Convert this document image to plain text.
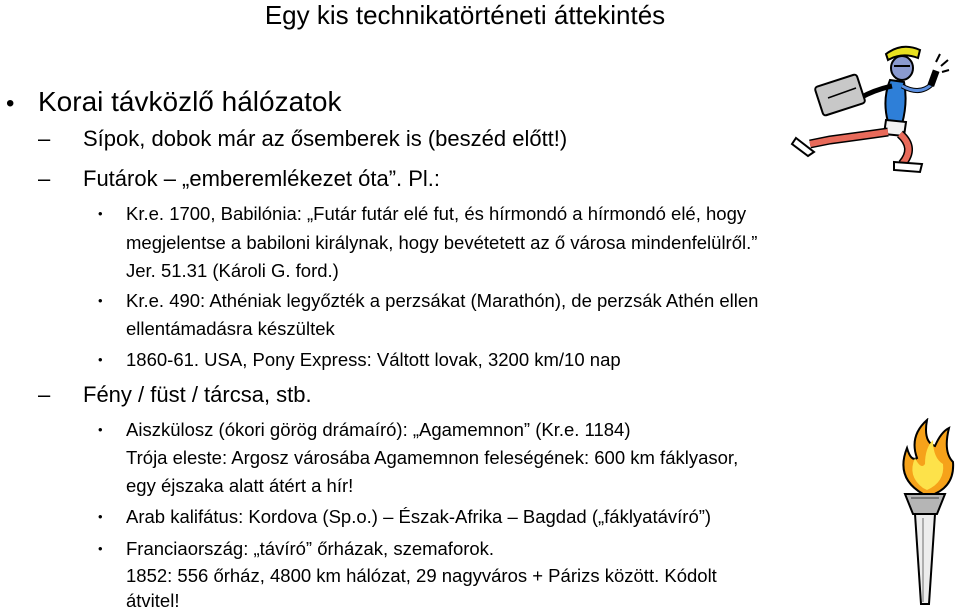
Egy kis technikatörténeti áttekintés
• Korai távközlő hálózatok
– Sípok, dobok már az ősemberek is (beszéd előtt!)
– Futárok – „emberemlékezet óta”. Pl.:
• Kr.e. 1700, Babilónia: „Futár futár elé fut, és hírmondó a hírmondó elé, hogy
megjelentse a babiloni királynak, hogy bevétetett az ő városa mindenfelülről.”
Jer. 51.31 (Károli G. ford.)
• Kr.e. 490: Athéniak legyőzték a perzsákat (Marathón), de perzsák Athén ellen
ellentámadásra készültek
• 1860-61. USA, Pony Express: Váltott lovak, 3200 km/10 nap
– Fény / füst / tárcsa, stb.
• Aiszkülosz (ókori görög drámaíró): „Agamemnon” (Kr.e. 1184)
Trója eleste: Argosz városába Agamemnon feleségének: 600 km fáklyasor,
egy éjszaka alatt átért a hír!
• Arab kalifátus: Kordova (Sp.o.) – Észak-Afrika – Bagdad („fáklyatávíró”)
• Franciaország: „távíró” őrházak, szemaforok.
1852: 556 őrház, 4800 km hálózat, 29 nagyváros + Párizs között. Kódolt
átvitel!
